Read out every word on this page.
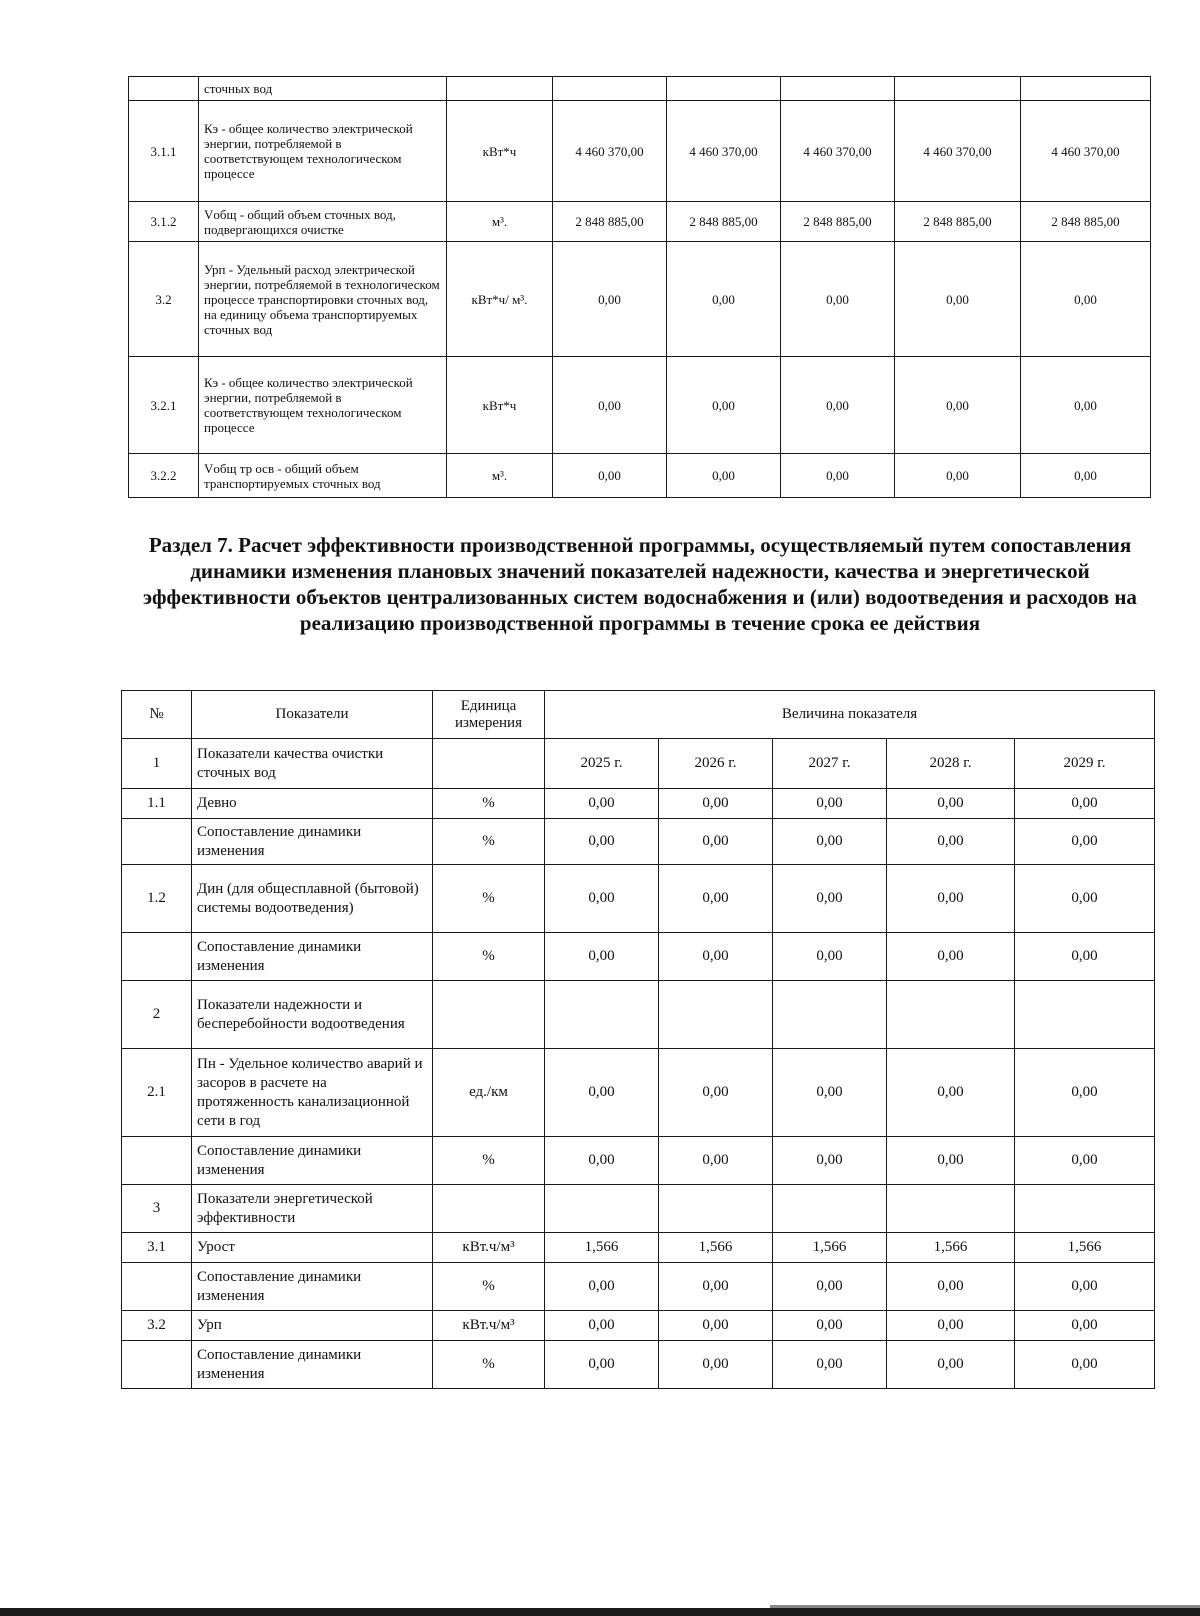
	сточных вод						
3.1.1	Кэ - общее количество электрической энергии, потребляемой в соответствующем технологическом процессе	кВт*ч	4 460 370,00	4 460 370,00	4 460 370,00	4 460 370,00	4 460 370,00
3.1.2	Vобщ - общий объем сточных вод, подвергающихся очистке	м³.	2 848 885,00	2 848 885,00	2 848 885,00	2 848 885,00	2 848 885,00
3.2	Урп - Удельный расход электрической энергии, потребляемой в технологическом процессе транспортировки сточных вод, на единицу объема транспортируемых сточных вод	кВт*ч/ м³.	0,00	0,00	0,00	0,00	0,00
3.2.1	Кэ - общее количество электрической энергии, потребляемой в соответствующем технологическом процессе	кВт*ч	0,00	0,00	0,00	0,00	0,00
3.2.2	Vобщ тр осв - общий объем транспортируемых сточных вод	м³.	0,00	0,00	0,00	0,00	0,00
Раздел 7. Расчет эффективности производственной программы, осуществляемый путем сопоставления динамики изменения плановых значений показателей надежности, качества и энергетической эффективности объектов централизованных систем водоснабжения и (или) водоотведения и расходов на реализацию производственной программы в течение срока ее действия
№	Показатели	Единица измерения	Величина показателя				
1	Показатели качества очистки сточных вод		2025 г.	2026 г.	2027 г.	2028 г.	2029 г.
1.1	Девно	%	0,00	0,00	0,00	0,00	0,00
	Сопоставление динамики изменения	%	0,00	0,00	0,00	0,00	0,00
1.2	Дин (для общесплавной (бытовой) системы водоотведения)	%	0,00	0,00	0,00	0,00	0,00
	Сопоставление динамики изменения	%	0,00	0,00	0,00	0,00	0,00
2	Показатели надежности и бесперебойности водоотведения						
2.1	Пн - Удельное количество аварий и засоров в расчете на протяженность канализационной сети в год	ед./км	0,00	0,00	0,00	0,00	0,00
	Сопоставление динамики изменения	%	0,00	0,00	0,00	0,00	0,00
3	Показатели энергетической эффективности						
3.1	Урост	кВт.ч/м³	1,566	1,566	1,566	1,566	1,566
	Сопоставление динамики изменения	%	0,00	0,00	0,00	0,00	0,00
3.2	Урп	кВт.ч/м³	0,00	0,00	0,00	0,00	0,00
	Сопоставление динамики изменения	%	0,00	0,00	0,00	0,00	0,00
